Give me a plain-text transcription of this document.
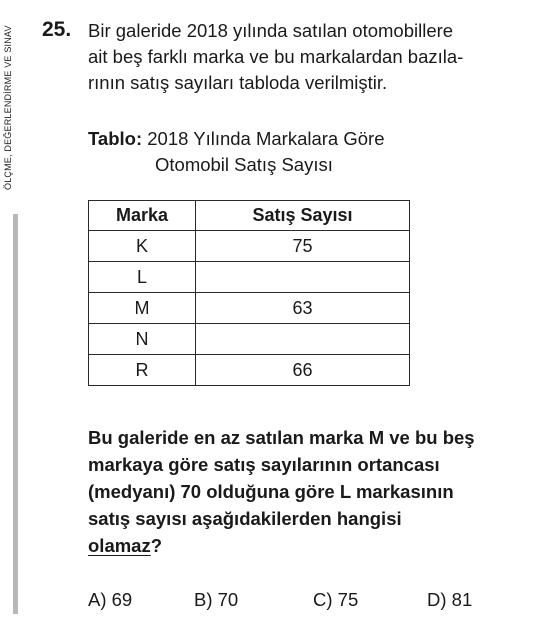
ÖLÇME, DEĞERLENDİRME VE SINAV 25. Bir galeride 2018 yılında satılan otomobillere
ait beş farklı marka ve bu markalardan bazıla-
rının satış sayıları tabloda verilmiştir.
Tablo: 2018 Yılında Markalara Göre
Otomobil Satış Sayısı
Marka	Satış Sayısı
K	75
L	
M	63
N	
R	66
Bu galeride en az satılan marka M ve bu beş
markaya göre satış sayılarının ortancası
(medyanı) 70 olduğuna göre L markasının
satış sayısı aşağıdakilerden hangisi
olamaz?
A) 69	B) 70	C) 75	D) 81
